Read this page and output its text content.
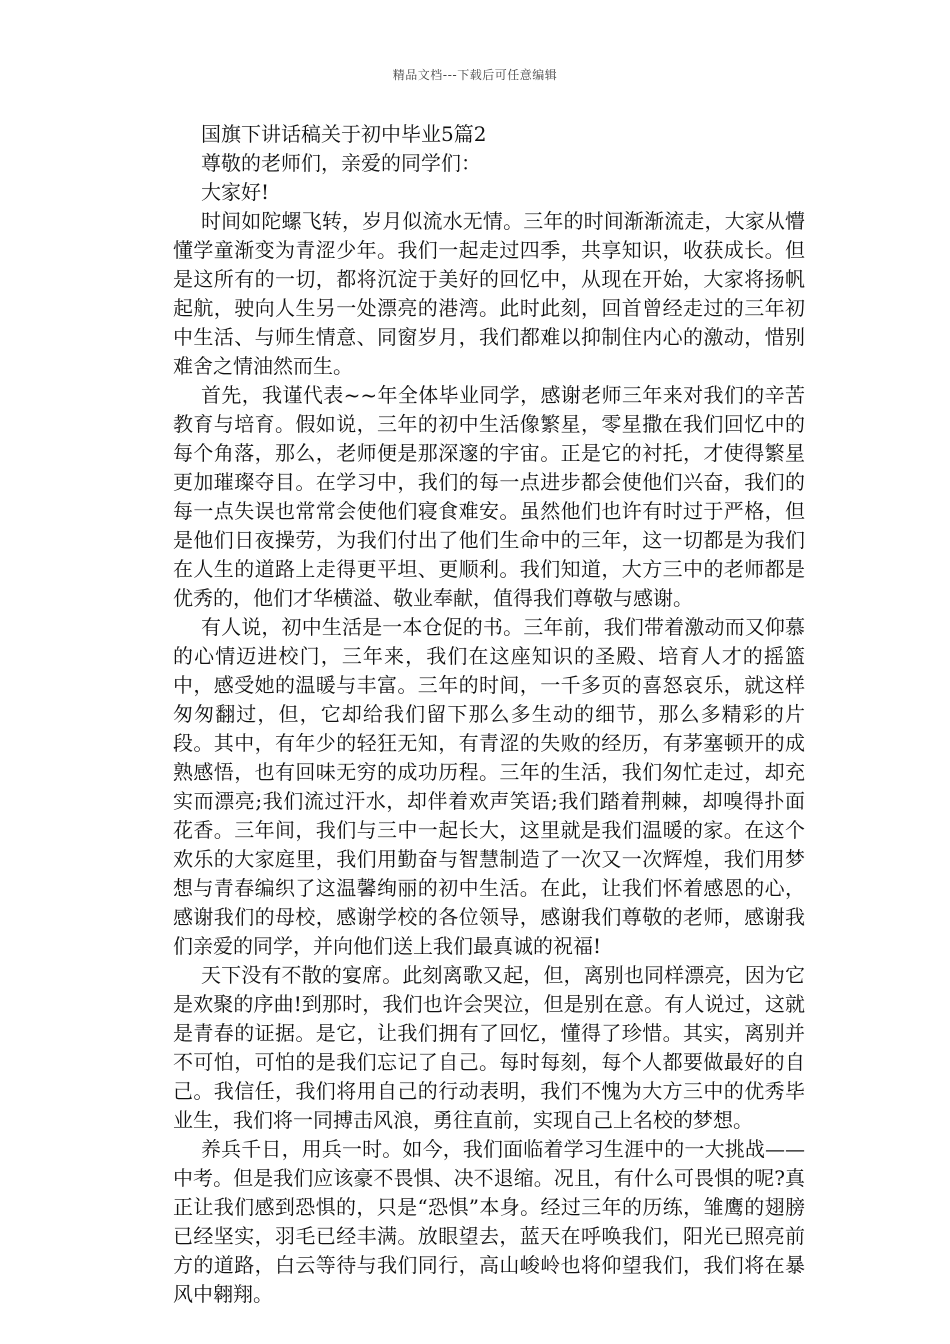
精品文档---下载后可任意编辑

国旗下讲话稿关于初中毕业5篇2

尊敬的老师们，亲爱的同学们：

大家好!

时间如陀螺飞转，岁月似流水无情。三年的时间渐渐流走，大家从懵懂学童渐变为青涩少年。我们一起走过四季，共享知识，收获成长。但是这所有的一切，都将沉淀于美好的回忆中，从现在开始，大家将扬帆起航，驶向人生另一处漂亮的港湾。此时此刻，回首曾经走过的三年初中生活、与师生情意、同窗岁月，我们都难以抑制住内心的激动，惜别难舍之情油然而生。

首先，我谨代表~~年全体毕业同学，感谢老师三年来对我们的辛苦教育与培育。假如说，三年的初中生活像繁星，零星撒在我们回忆中的每个角落，那么，老师便是那深邃的宇宙。正是它的衬托，才使得繁星更加璀璨夺目。在学习中，我们的每一点进步都会使他们兴奋，我们的每一点失误也常常会使他们寝食难安。虽然他们也许有时过于严格，但是他们日夜操劳，为我们付出了他们生命中的三年，这一切都是为我们在人生的道路上走得更平坦、更顺利。我们知道，大方三中的老师都是优秀的，他们才华横溢、敬业奉献，值得我们尊敬与感谢。

有人说，初中生活是一本仓促的书。三年前，我们带着激动而又仰慕的心情迈进校门，三年来，我们在这座知识的圣殿、培育人才的摇篮中，感受她的温暖与丰富。三年的时间，一千多页的喜怒哀乐，就这样匆匆翻过，但，它却给我们留下那么多生动的细节，那么多精彩的片段。其中，有年少的轻狂无知，有青涩的失败的经历，有茅塞顿开的成熟感悟，也有回味无穷的成功历程。三年的生活，我们匆忙走过，却充实而漂亮;我们流过汗水，却伴着欢声笑语;我们踏着荆棘，却嗅得扑面花香。三年间，我们与三中一起长大，这里就是我们温暖的家。在这个欢乐的大家庭里，我们用勤奋与智慧制造了一次又一次辉煌，我们用梦想与青春编织了这温馨绚丽的初中生活。在此，让我们怀着感恩的心，感谢我们的母校，感谢学校的各位领导，感谢我们尊敬的老师，感谢我们亲爱的同学，并向他们送上我们最真诚的祝福!

天下没有不散的宴席。此刻离歌又起，但，离别也同样漂亮，因为它是欢聚的序曲!到那时，我们也许会哭泣，但是别在意。有人说过，这就是青春的证据。是它，让我们拥有了回忆，懂得了珍惜。其实，离别并不可怕，可怕的是我们忘记了自己。每时每刻，每个人都要做最好的自己。我信任，我们将用自己的行动表明，我们不愧为大方三中的优秀毕业生，我们将一同搏击风浪，勇往直前，实现自己上名校的梦想。

养兵千日，用兵一时。如今，我们面临着学习生涯中的一大挑战——中考。但是我们应该豪不畏惧、决不退缩。况且，有什么可畏惧的呢?真正让我们感到恐惧的，只是“恐惧”本身。经过三年的历练，雏鹰的翅膀已经坚实，羽毛已经丰满。放眼望去，蓝天在呼唤我们，阳光已照亮前方的道路，白云等待与我们同行，高山峻岭也将仰望我们，我们将在暴风中翱翔。
